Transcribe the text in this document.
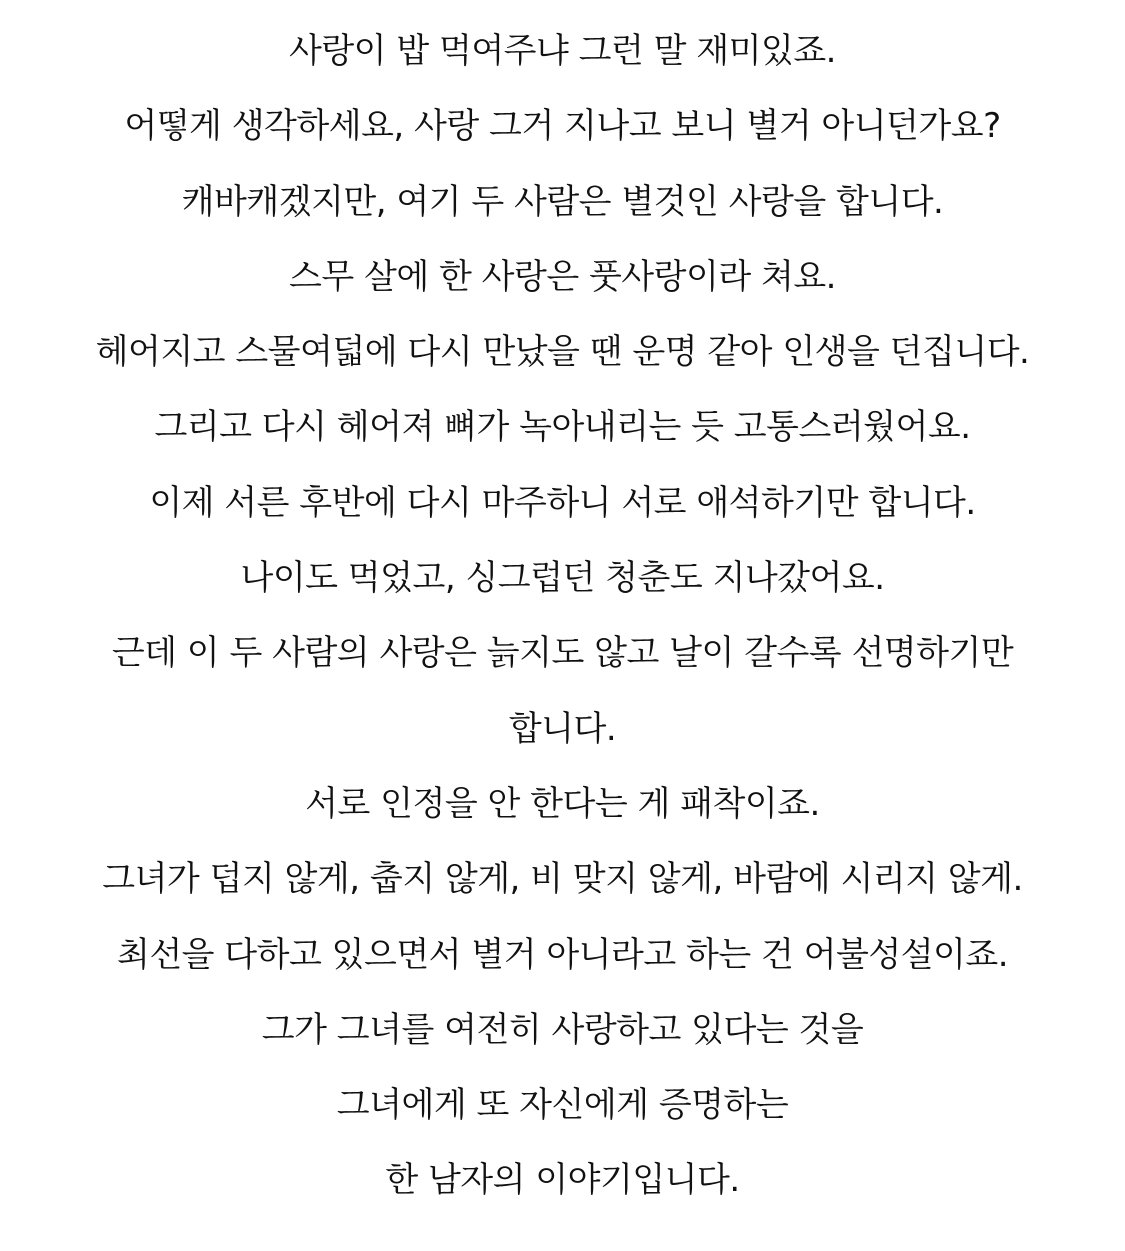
사랑이 밥 먹여주냐 그런 말 재미있죠.
어떻게 생각하세요, 사랑 그거 지나고 보니 별거 아니던가요?
캐바캐겠지만, 여기 두 사람은 별것인 사랑을 합니다.
스무 살에 한 사랑은 풋사랑이라 쳐요.
헤어지고 스물여덟에 다시 만났을 땐 운명 같아 인생을 던집니다.
그리고 다시 헤어져 뼈가 녹아내리는 듯 고통스러웠어요.
이제 서른 후반에 다시 마주하니 서로 애석하기만 합니다.
나이도 먹었고, 싱그럽던 청춘도 지나갔어요.
근데 이 두 사람의 사랑은 늙지도 않고 날이 갈수록 선명하기만
합니다.
서로 인정을 안 한다는 게 패착이죠.
그녀가 덥지 않게, 춥지 않게, 비 맞지 않게, 바람에 시리지 않게.
최선을 다하고 있으면서 별거 아니라고 하는 건 어불성설이죠.
그가 그녀를 여전히 사랑하고 있다는 것을
그녀에게 또 자신에게 증명하는
한 남자의 이야기입니다.
